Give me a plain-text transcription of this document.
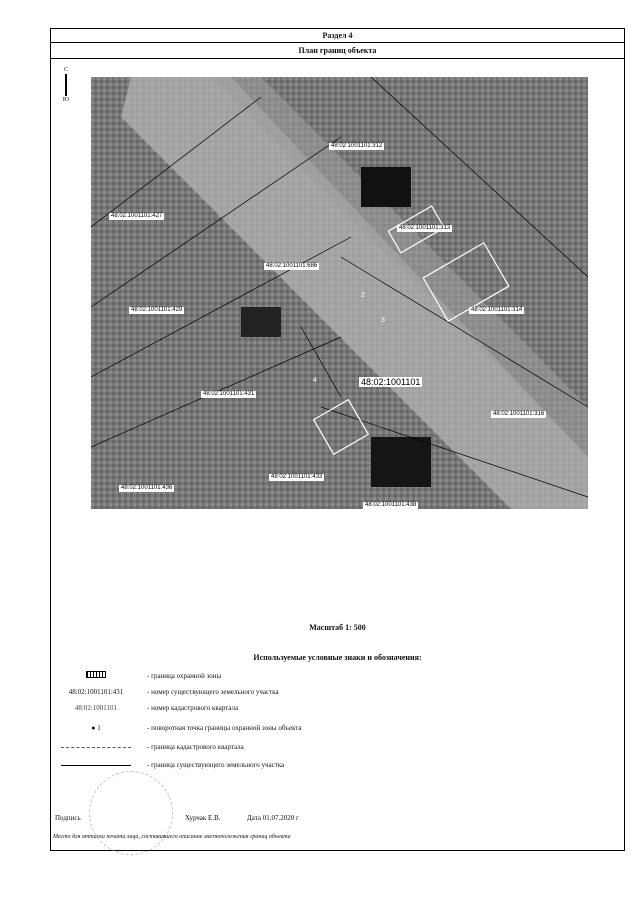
Раздел 4
План границ объекта
С
Ю
48:02:1001101:312
48:02:1001101:427
48:02:1001101:313
48:02:1001101:686
48:02:1001101:429	48:02:1001101:314
48:02:1001101:431
48:02:1001101:316
48:02:1001101:433
48:02:1001101:436
48:02:1001101:438
48:02:1001101
2
3
4
Масштаб 1: 500
Используемые условные знаки и обозначения:
- граница охранной зоны
48:02:1001101:431	- номер существующего земельного участка
48:02:1001101	- номер кадастрового квартала
● 1	- поворотная точка границы охранной зоны объекта
- граница кадастрового квартала
- граница существующего земельного участка
Подпись	Хурчак Е.В.	Дата 01.07.2020 г
Место для оттиска печати лица, составившего описание местоположения границ объекта
